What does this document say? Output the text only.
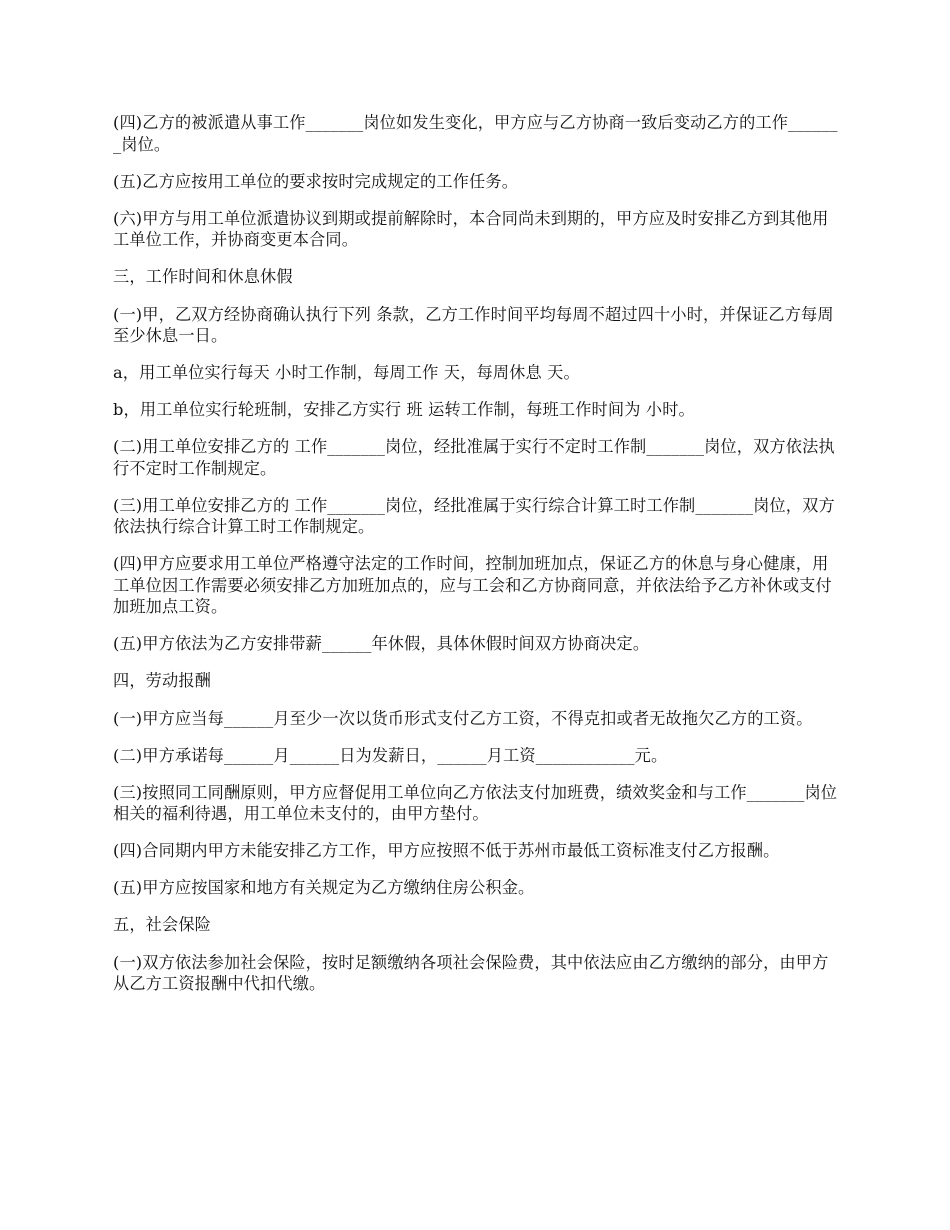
(四)乙方的被派遣从事工作_______岗位如发生变化，甲方应与乙方协商一致后变动乙方的工作_______岗位。

(五)乙方应按用工单位的要求按时完成规定的工作任务。

(六)甲方与用工单位派遣协议到期或提前解除时，本合同尚未到期的，甲方应及时安排乙方到其他用工单位工作，并协商变更本合同。

三，工作时间和休息休假

(一)甲，乙双方经协商确认执行下列 条款，乙方工作时间平均每周不超过四十小时，并保证乙方每周至少休息一日。

a，用工单位实行每天 小时工作制，每周工作 天，每周休息 天。

b，用工单位实行轮班制，安排乙方实行 班 运转工作制，每班工作时间为 小时。

(二)用工单位安排乙方的 工作_______岗位，经批准属于实行不定时工作制_______岗位，双方依法执行不定时工作制规定。

(三)用工单位安排乙方的 工作_______岗位，经批准属于实行综合计算工时工作制_______岗位，双方依法执行综合计算工时工作制规定。

(四)甲方应要求用工单位严格遵守法定的工作时间，控制加班加点，保证乙方的休息与身心健康，用工单位因工作需要必须安排乙方加班加点的，应与工会和乙方协商同意，并依法给予乙方补休或支付加班加点工资。

(五)甲方依法为乙方安排带薪______年休假，具体休假时间双方协商决定。

四，劳动报酬

(一)甲方应当每______月至少一次以货币形式支付乙方工资，不得克扣或者无故拖欠乙方的工资。

(二)甲方承诺每______月______日为发薪日，______月工资____________元。

(三)按照同工同酬原则，甲方应督促用工单位向乙方依法支付加班费，绩效奖金和与工作_______岗位相关的福利待遇，用工单位未支付的，由甲方垫付。

(四)合同期内甲方未能安排乙方工作，甲方应按照不低于苏州市最低工资标准支付乙方报酬。

(五)甲方应按国家和地方有关规定为乙方缴纳住房公积金。

五，社会保险

(一)双方依法参加社会保险，按时足额缴纳各项社会保险费，其中依法应由乙方缴纳的部分，由甲方从乙方工资报酬中代扣代缴。
